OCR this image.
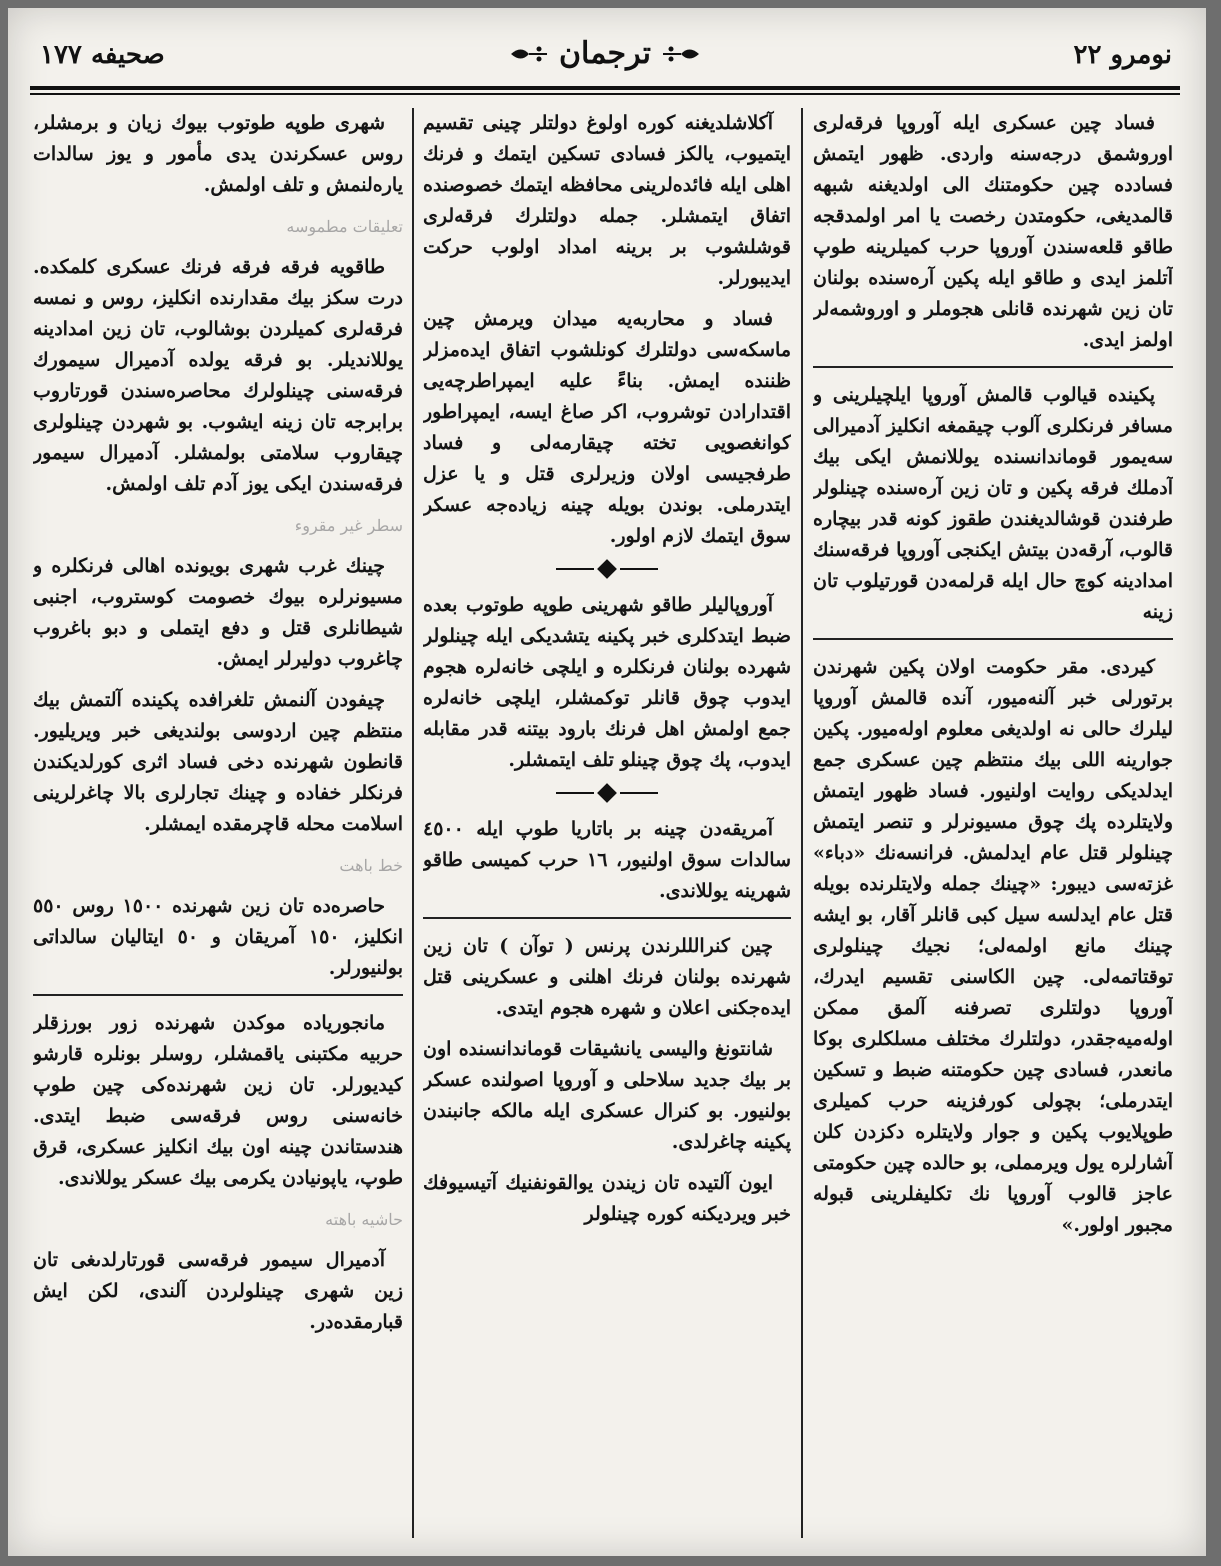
نومرو ٢٢
ترجمان
صحيفه ١٧٧

فساد چين عسكرى ايله آوروپا فرقەلرى اوروشمق درجەسنه واردى. ظهور ايتمش فسادده چين حكومتنك الى اولديغنه شبهه قالمديغى، حكومتدن رخصت يا امر اولمدقجه طاقو قلعەسندن آوروپا حرب كميلرينه طوپ آتلمز ايدى و طاقو ايله پكين آرەسنده بولنان تان زين شهرنده قانلى هجوملر و اوروشمەلر اولمز ايدى.

پكينده قيالوب قالمش آوروپا ايلچيلرينى و مسافر فرنكلرى آلوب چيقمغه انكليز آدميرالى سەيمور قوماندانسنده يوللانمش ايكى بيك آدملك فرقه پكين و تان زين آرەسنده چينلولر طرفندن قوشالديغندن طقوز كونه قدر بيچاره قالوب، آرقەدن بيتش ايكنجى آوروپا فرقەسنك امدادينه كوچ حال ايله قرلمەدن قورتيلوب تان زينه

كيردى. مقر حكومت اولان پكين شهرندن برتورلى خبر آلنه‌ميور، آنده قالمش آوروپا ليلرك حالى نه اولديغى معلوم اوله‌ميور. پكين جوارينه اللى بيك منتظم چين عسكرى جمع ايدلديكى روايت اولنيور. فساد ظهور ايتمش ولايتلرده پك چوق مسيونرلر و تنصر ايتمش چينلولر قتل عام ايدلمش. فرانسەنك «دباء» غزتەسى ديبور: «چينك جمله ولايتلرنده بويله قتل عام ايدلسه سيل كبى قانلر آقار، بو ايشه چينك مانع اولمەلى؛ نجيك چينلولرى توقتاتمەلى. چين الكاسنى تقسيم ايدرك، آوروپا دولتلرى تصرفنه آلمق ممكن اوله‌ميه‌جقدر، دولتلرك مختلف مسلكلرى بوكا مانعدر، فسادى چين حكومتنه ضبط و تسكين ايتدرملى؛ بچولى كورفزينه حرب كميلرى طوپلايوب پكين و جوار ولايتلره دكزدن كلن آشارلره يول ويرمملى، بو حالده چين حكومتى عاجز قالوب آوروپا نك تكليفلرينى قبوله مجبور اولور.»

آكلاشلديغنه كوره اولوغ دولتلر چينى تقسيم ايتميوب، يالكز فسادى تسكين ايتمك و فرنك اهلى ايله فائدەلرينى محافظه ايتمك خصوصنده اتفاق ايتمشلر. جمله دولتلرك فرقەلرى قوشلشوب بر برينه امداد اولوب حركت ايديبورلر.

فساد و محاربەيه ميدان ويرمش چين ماسكەسى دولتلرك كونلشوب اتفاق ايدەمزلر ظننده ايمش. بناءً عليه ايمپراطرچەيى اقتدارادن توشروب، اكر صاغ ايسه، ايمپراطور كوانغصويى تخته چيقارمەلى و فساد طرفجيسى اولان وزيرلرى قتل و يا عزل ايتدرملى. بوندن بويله چينه زيادەجه عسكر سوق ايتمك لازم اولور.

آوروپاليلر طاقو شهرينى طوپه طوتوب بعده ضبط ايتدكلرى خبر پكينه يتشديكى ايله چينلولر شهرده بولنان فرنكلره و ايلچى خانەلره هجوم ايدوب چوق قانلر توكمشلر، ايلچى خانەلره جمع اولمش اهل فرنك بارود بيتنه قدر مقابله ايدوب، پك چوق چينلو تلف ايتمشلر.

آمريقەدن چينه بر باتاريا طوپ ايله ٤٥٠٠ سالدات سوق اولنيور، ١٦ حرب كميسى طاقو شهرينه يوللاندى.

چين كنرالللرندن پرنس ( توآن ) تان زين شهرنده بولنان فرنك اهلنى و عسكرينى قتل ايدەجكنى اعلان و شهره هجوم ايتدى.

شانتونغ واليسى يانشيقات قوماندانسنده اون بر بيك جديد سلاحلى و آوروپا اصولنده عسكر بولنيور. بو كنرال عسكرى ايله مالكه جانبندن پكينه چاغرلدى.

ايون آلتيده تان زيندن يوالقونفنيك آتيسيوفك خبر ويرديكنه كوره چينلولر

شهرى طوپه طوتوب بيوك زيان و برمشلر، روس عسكرندن يدى مأمور و يوز سالدات يارەلنمش و تلف اولمش.

تعليقات مطموسه

طاقويه فرقه فرقه فرنك عسكرى كلمكده. درت سكز بيك مقدارنده انكليز، روس و نمسه فرقەلرى كميلردن بوشالوب، تان زين امدادينه يوللانديلر. بو فرقه يولده آدميرال سيمورك فرقەسنى چينلولرك محاصرەسندن قورتاروب برابرجه تان زينه ايشوب. بو شهردن چينلولرى چيقاروب سلامتى بولمشلر. آدميرال سيمور فرقەسندن ايكى يوز آدم تلف اولمش.

سطر غير مقروء

چينك غرب شهرى بويونده اهالى فرنكلره و مسيونرلره بيوك خصومت كوستروب، اجنبى شيطانلرى قتل و دفع ايتملى و دبو باغروب چاغروب دوليرلر ايمش.

چيفودن آلنمش تلغرافده پكينده آلتمش بيك منتظم چين اردوسى بولنديغى خبر ويريليور. قانطون شهرنده دخى فساد اثرى كورلديكندن فرنكلر خفاده و چينك تجارلرى بالا چاغرلرينى اسلامت محله قاچرمقده ايمشلر.

خط باهت

حاصرەده تان زين شهرنده ١٥٠٠ روس ٥٥٠ انكليز، ١٥٠ آمريقان و ٥٠ ايتاليان سالداتى بولنيورلر.

مانجوريادە موكدن شهرنده زور بورزقلر حربيه مكتبنى ياقمشلر، روسلر بونلره قارشو كيديورلر. تان زين شهرندەكى چين طوپ خانەسنى روس فرقەسى ضبط ايتدى. هندستاندن چينه اون بيك انكليز عسكرى، قرق طوپ، ياپونيادن يكرمى بيك عسكر يوللاندى.

حاشيه باهته

آدميرال سيمور فرقەسى قورتارلدىغى تان زين شهرى چينلولردن آلندى، لكن ايش قبارمقدەدر.
